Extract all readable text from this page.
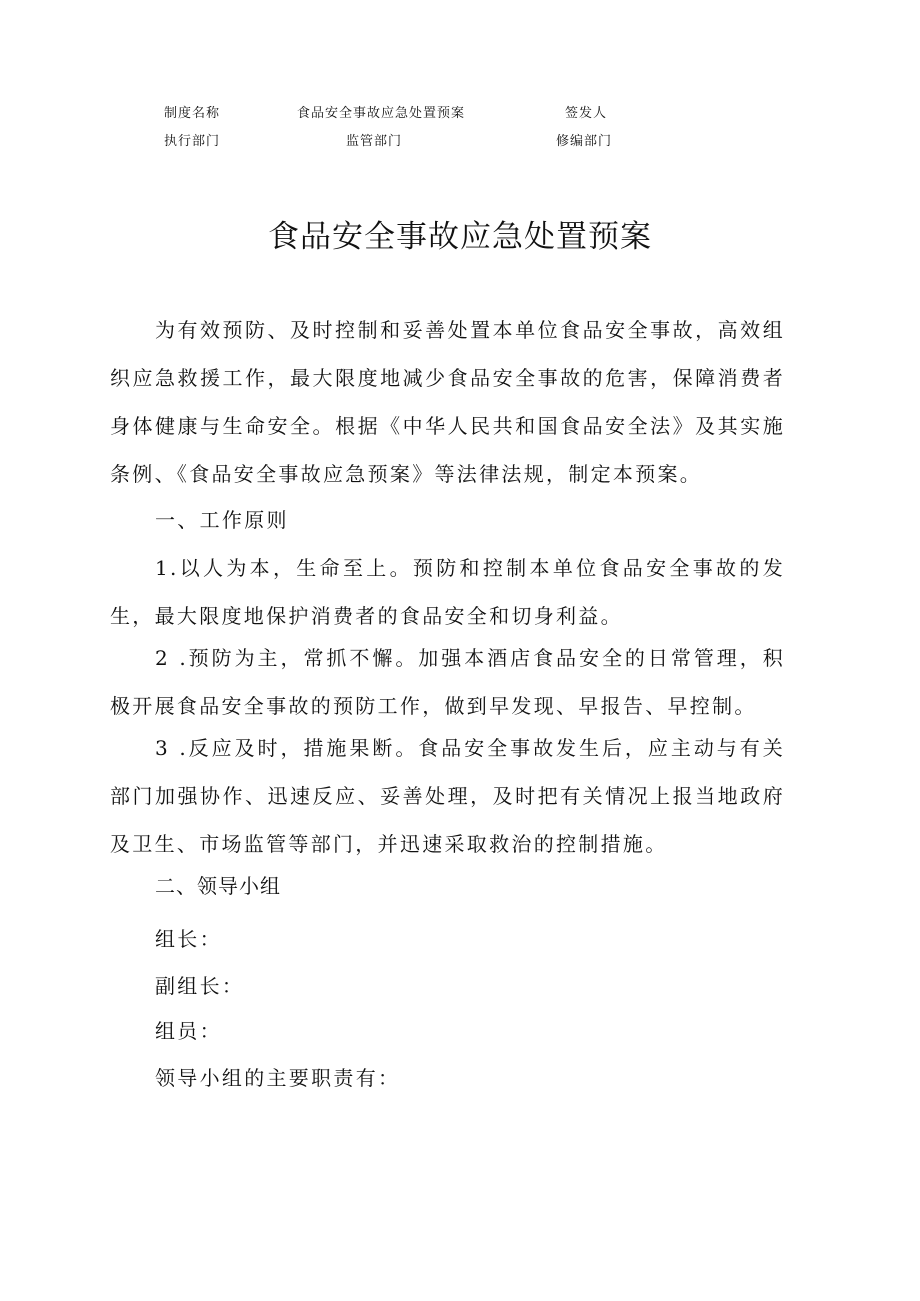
制度名称	食品安全事故应急处置预案	签发人
执行部门	监管部门	修编部门
食品安全事故应急处置预案

为有效预防、及时控制和妥善处置本单位食品安全事故，高效组织应急救援工作，最大限度地减少食品安全事故的危害，保障消费者身体健康与生命安全。根据《中华人民共和国食品安全法》及其实施条例、《食品安全事故应急预案》等法律法规，制定本预案。

一、工作原则

1.以人为本，生命至上。预防和控制本单位食品安全事故的发生，最大限度地保护消费者的食品安全和切身利益。

2 .预防为主，常抓不懈。加强本酒店食品安全的日常管理，积极开展食品安全事故的预防工作，做到早发现、早报告、早控制。

3 .反应及时，措施果断。食品安全事故发生后，应主动与有关部门加强协作、迅速反应、妥善处理，及时把有关情况上报当地政府及卫生、市场监管等部门，并迅速采取救治的控制措施。

二、领导小组

组长：

副组长：

组员：

领导小组的主要职责有：
